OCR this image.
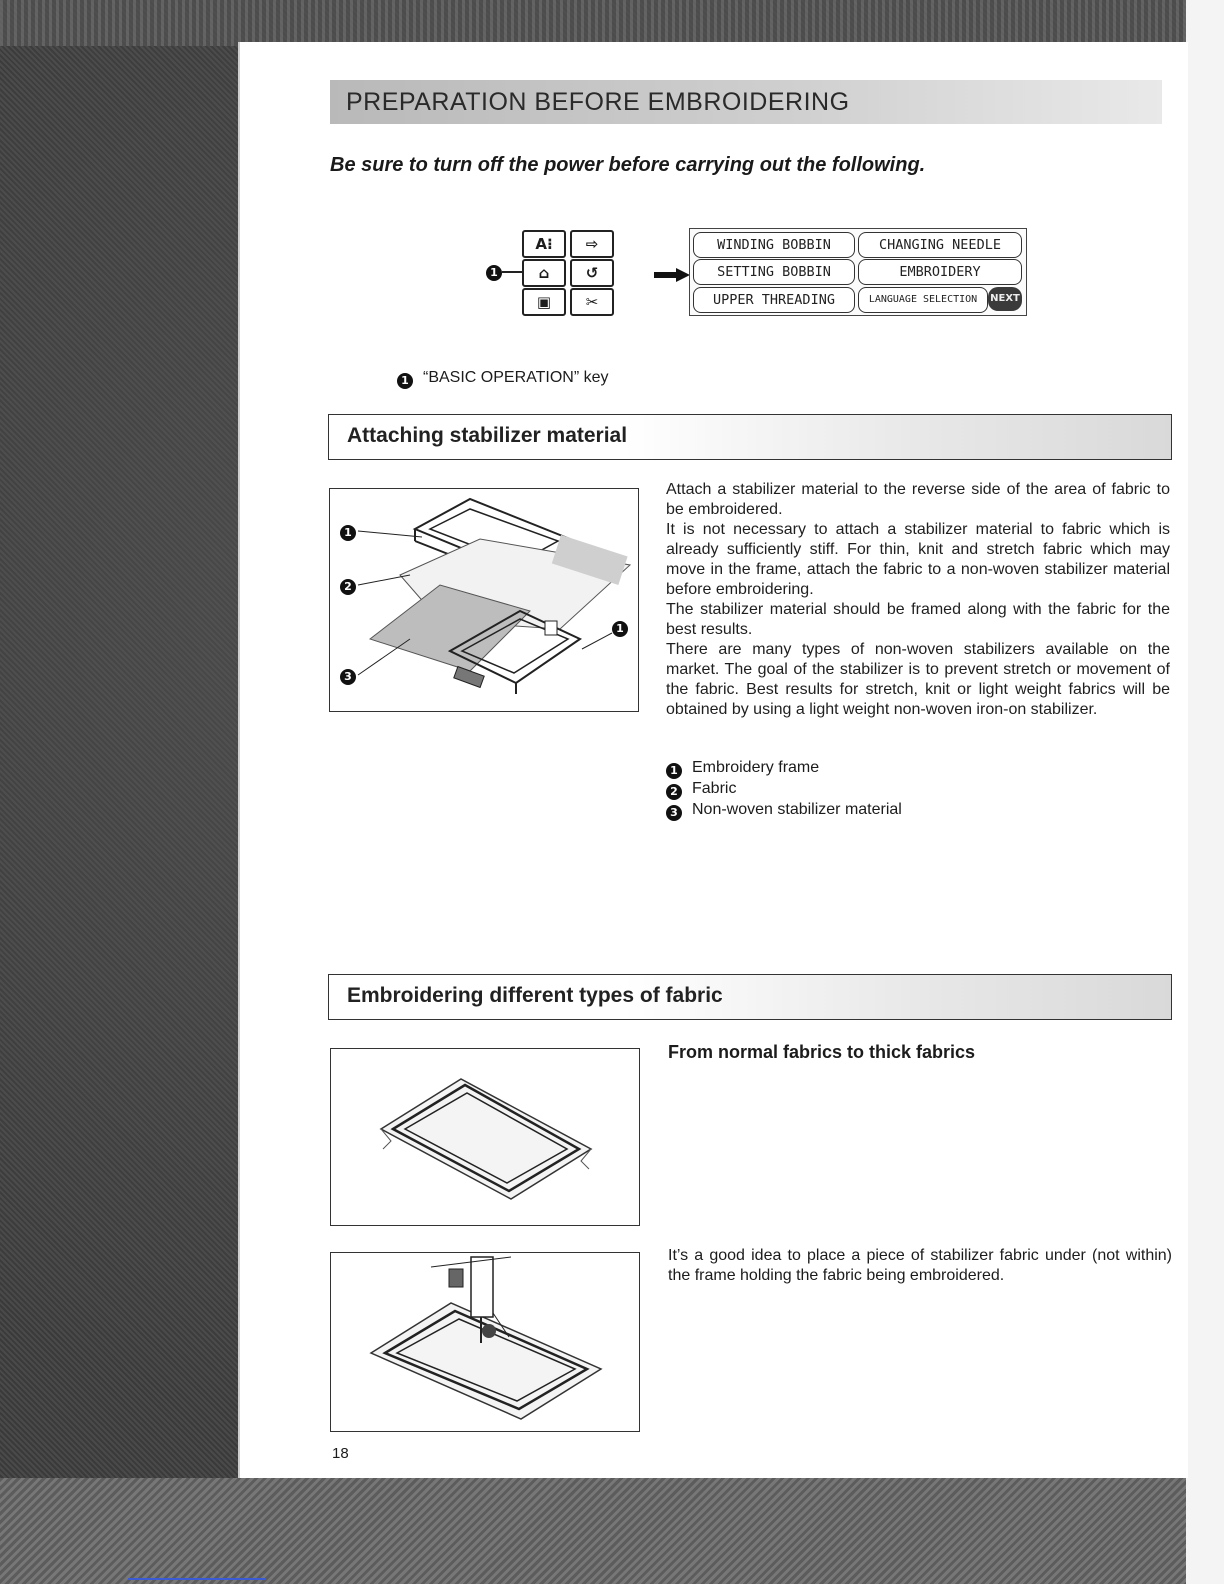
PREPARATION BEFORE EMBROIDERING
Be sure to turn off the power before carrying out the following.
A⁝	⇨
⌂	↺
▣	✂
1
WINDING BOBBIN	CHANGING NEEDLE
SETTING BOBBIN	EMBROIDERY
UPPER THREADING	LANGUAGE SELECTION	NEXT
1 “BASIC OPERATION” key
Attaching stabilizer material
1
2
3
1

Attach a stabilizer material to the reverse side of the area of fabric to be embroidered.

It is not necessary to attach a stabilizer material to fabric which is already sufficiently stiff. For thin, knit and stretch fabric which may move in the frame, attach the fabric to a non-woven stabilizer material before embroidering.

The stabilizer material should be framed along with the fabric for the best results.

There are many types of non-woven stabilizers available on the market. The goal of the stabilizer is to prevent stretch or movement of the fabric. Best results for stretch, knit or light weight fabrics will be obtained by using a light weight non-woven iron-on stabilizer.

1 Embroidery frame
2 Fabric
3 Non-woven stabilizer material
Embroidering different types of fabric
From normal fabrics to thick fabrics
It’s a good idea to place a piece of stabilizer fabric under (not within) the frame holding the fabric being embroidered.
18
